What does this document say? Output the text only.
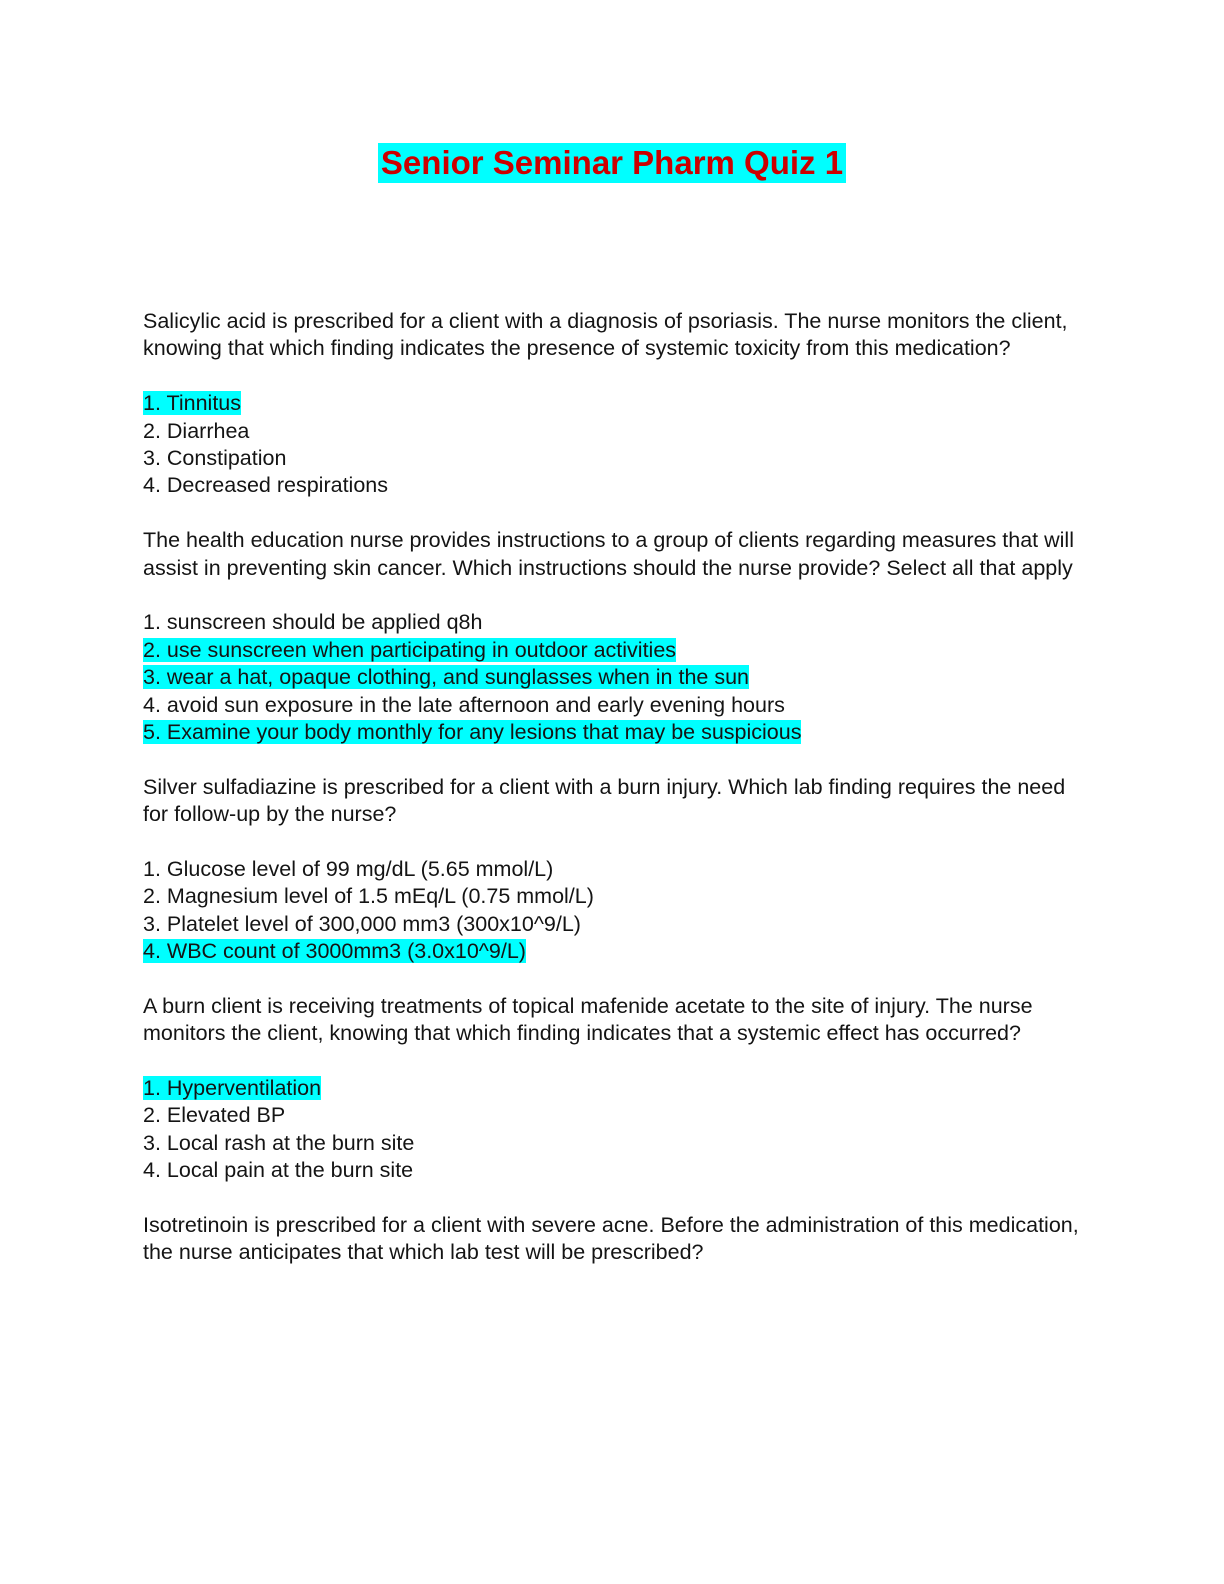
Senior Seminar Pharm Quiz 1

Salicylic acid is prescribed for a client with a diagnosis of psoriasis. The nurse monitors the client, knowing that which finding indicates the presence of systemic toxicity from this medication?

1. Tinnitus
2. Diarrhea
3. Constipation
4. Decreased respirations

The health education nurse provides instructions to a group of clients regarding measures that will assist in preventing skin cancer. Which instructions should the nurse provide? Select all that apply

1. sunscreen should be applied q8h
2. use sunscreen when participating in outdoor activities
3. wear a hat, opaque clothing, and sunglasses when in the sun
4. avoid sun exposure in the late afternoon and early evening hours
5. Examine your body monthly for any lesions that may be suspicious

Silver sulfadiazine is prescribed for a client with a burn injury. Which lab finding requires the need for follow-up by the nurse?

1. Glucose level of 99 mg/dL (5.65 mmol/L)
2. Magnesium level of 1.5 mEq/L (0.75 mmol/L)
3. Platelet level of 300,000 mm3 (300x10^9/L)
4. WBC count of 3000mm3 (3.0x10^9/L)

A burn client is receiving treatments of topical mafenide acetate to the site of injury. The nurse monitors the client, knowing that which finding indicates that a systemic effect has occurred?

1. Hyperventilation
2. Elevated BP
3. Local rash at the burn site
4. Local pain at the burn site

Isotretinoin is prescribed for a client with severe acne. Before the administration of this medication, the nurse anticipates that which lab test will be prescribed?
